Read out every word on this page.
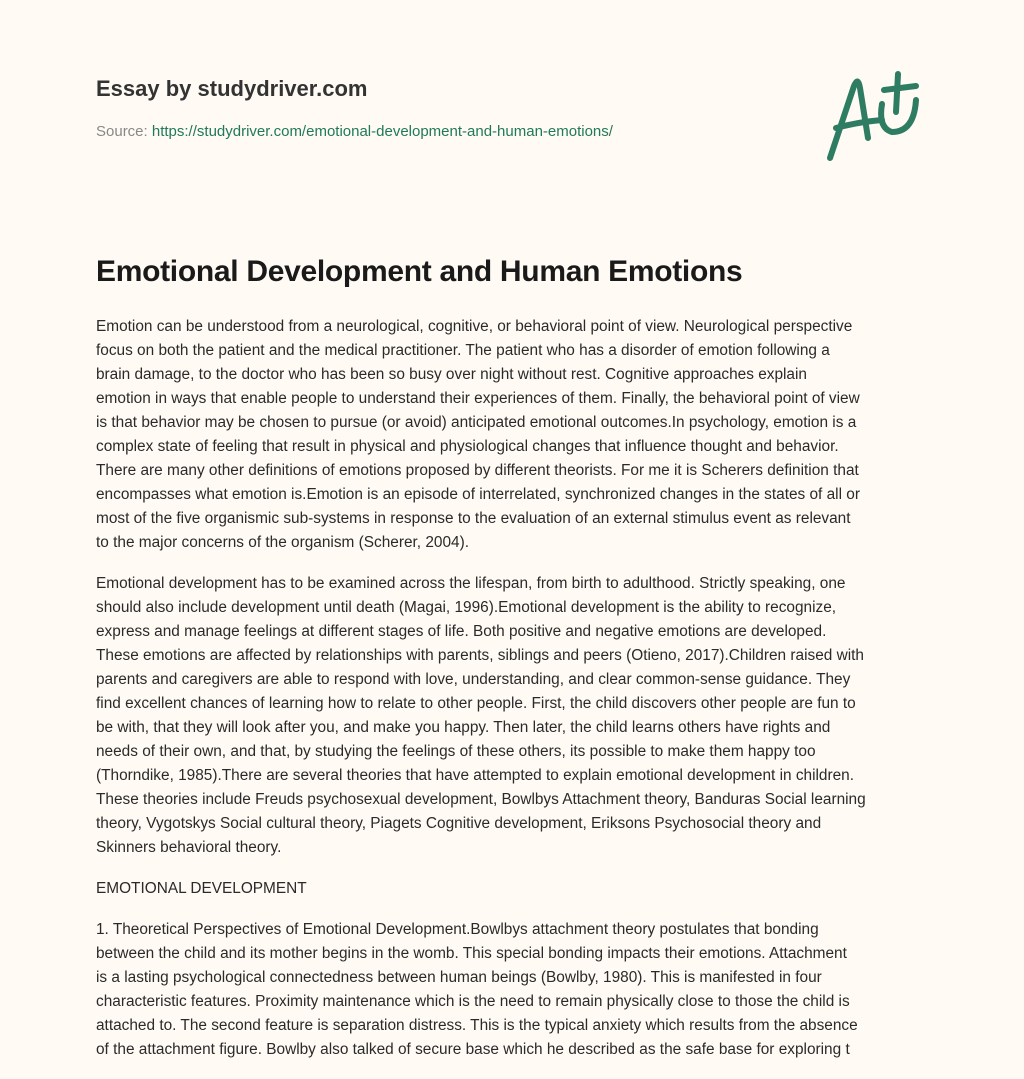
Essay by studydriver.com
Source: https://studydriver.com/emotional-development-and-human-emotions/
Emotional Development and Human Emotions

Emotion can be understood from a neurological, cognitive, or behavioral point of view. Neurological perspective
focus on both the patient and the medical practitioner. The patient who has a disorder of emotion following a
brain damage, to the doctor who has been so busy over night without rest. Cognitive approaches explain
emotion in ways that enable people to understand their experiences of them. Finally, the behavioral point of view
is that behavior may be chosen to pursue (or avoid) anticipated emotional outcomes.In psychology, emotion is a
complex state of feeling that result in physical and physiological changes that influence thought and behavior.
There are many other definitions of emotions proposed by different theorists. For me it is Scherers definition that
encompasses what emotion is.Emotion is an episode of interrelated, synchronized changes in the states of all or
most of the five organismic sub-systems in response to the evaluation of an external stimulus event as relevant
to the major concerns of the organism (Scherer, 2004).

Emotional development has to be examined across the lifespan, from birth to adulthood. Strictly speaking, one
should also include development until death (Magai, 1996).Emotional development is the ability to recognize,
express and manage feelings at different stages of life. Both positive and negative emotions are developed.
These emotions are affected by relationships with parents, siblings and peers (Otieno, 2017).Children raised with
parents and caregivers are able to respond with love, understanding, and clear common-sense guidance. They
find excellent chances of learning how to relate to other people. First, the child discovers other people are fun to
be with, that they will look after you, and make you happy. Then later, the child learns others have rights and
needs of their own, and that, by studying the feelings of these others, its possible to make them happy too
(Thorndike, 1985).There are several theories that have attempted to explain emotional development in children.
These theories include Freuds psychosexual development, Bowlbys Attachment theory, Banduras Social learning
theory, Vygotskys Social cultural theory, Piagets Cognitive development, Eriksons Psychosocial theory and
Skinners behavioral theory.

EMOTIONAL DEVELOPMENT

1. Theoretical Perspectives of Emotional Development.Bowlbys attachment theory postulates that bonding
between the child and its mother begins in the womb. This special bonding impacts their emotions. Attachment
is a lasting psychological connectedness between human beings (Bowlby, 1980). This is manifested in four
characteristic features. Proximity maintenance which is the need to remain physically close to those the child is
attached to. The second feature is separation distress. This is the typical anxiety which results from the absence
of the attachment figure. Bowlby also talked of secure base which he described as the safe base for exploring t
